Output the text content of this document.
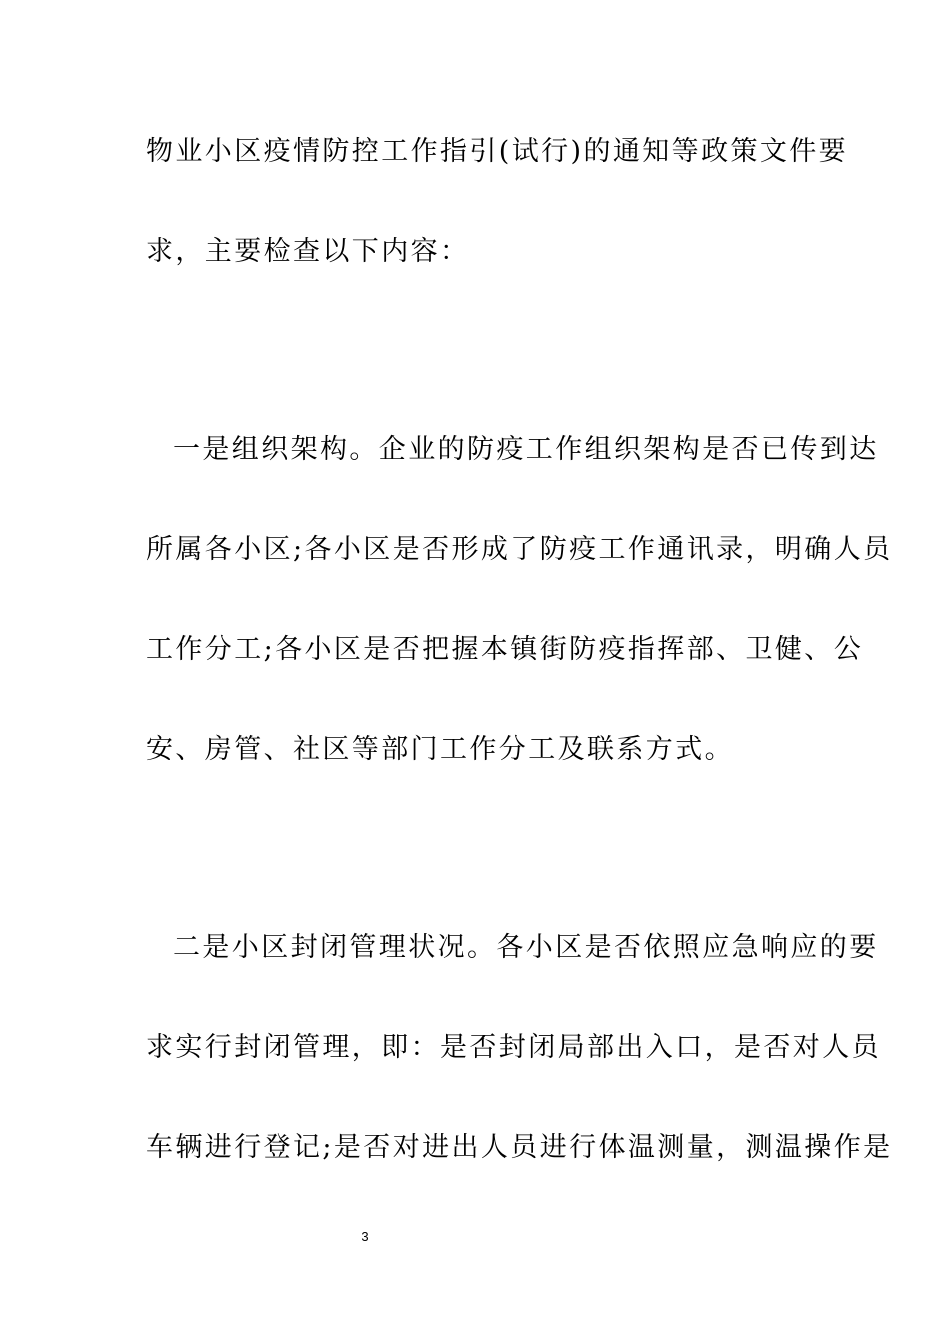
物业小区疫情防控工作指引(试行)的通知等政策文件要
求，主要检查以下内容：
一是组织架构。企业的防疫工作组织架构是否已传到达
所属各小区;各小区是否形成了防疫工作通讯录，明确人员
工作分工;各小区是否把握本镇街防疫指挥部、卫健、公
安、房管、社区等部门工作分工及联系方式。
二是小区封闭管理状况。各小区是否依照应急响应的要
求实行封闭管理，即：是否封闭局部出入口，是否对人员
车辆进行登记;是否对进出人员进行体温测量，测温操作是
3
